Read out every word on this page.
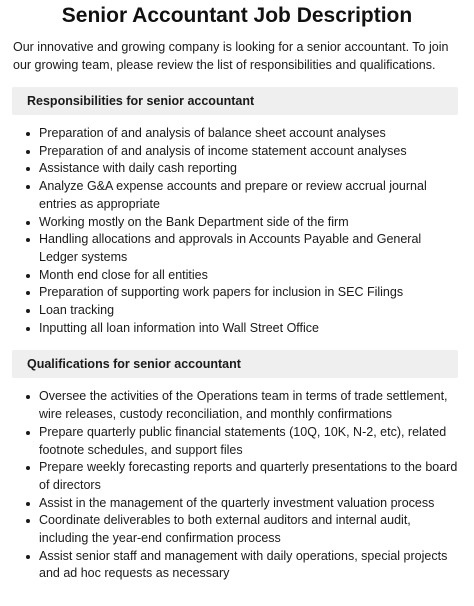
Senior Accountant Job Description

Our innovative and growing company is looking for a senior accountant. To join our growing team, please review the list of responsibilities and qualifications.

Responsibilities for senior accountant
Preparation of and analysis of balance sheet account analyses
Preparation of and analysis of income statement account analyses
Assistance with daily cash reporting
Analyze G&A expense accounts and prepare or review accrual journal entries as appropriate
Working mostly on the Bank Department side of the firm
Handling allocations and approvals in Accounts Payable and General Ledger systems
Month end close for all entities
Preparation of supporting work papers for inclusion in SEC Filings
Loan tracking
Inputting all loan information into Wall Street Office
Qualifications for senior accountant
Oversee the activities of the Operations team in terms of trade settlement, wire releases, custody reconciliation, and monthly confirmations
Prepare quarterly public financial statements (10Q, 10K, N-2, etc), related footnote schedules, and support files
Prepare weekly forecasting reports and quarterly presentations to the board of directors
Assist in the management of the quarterly investment valuation process
Coordinate deliverables to both external auditors and internal audit, including the year-end confirmation process
Assist senior staff and management with daily operations, special projects and ad hoc requests as necessary
